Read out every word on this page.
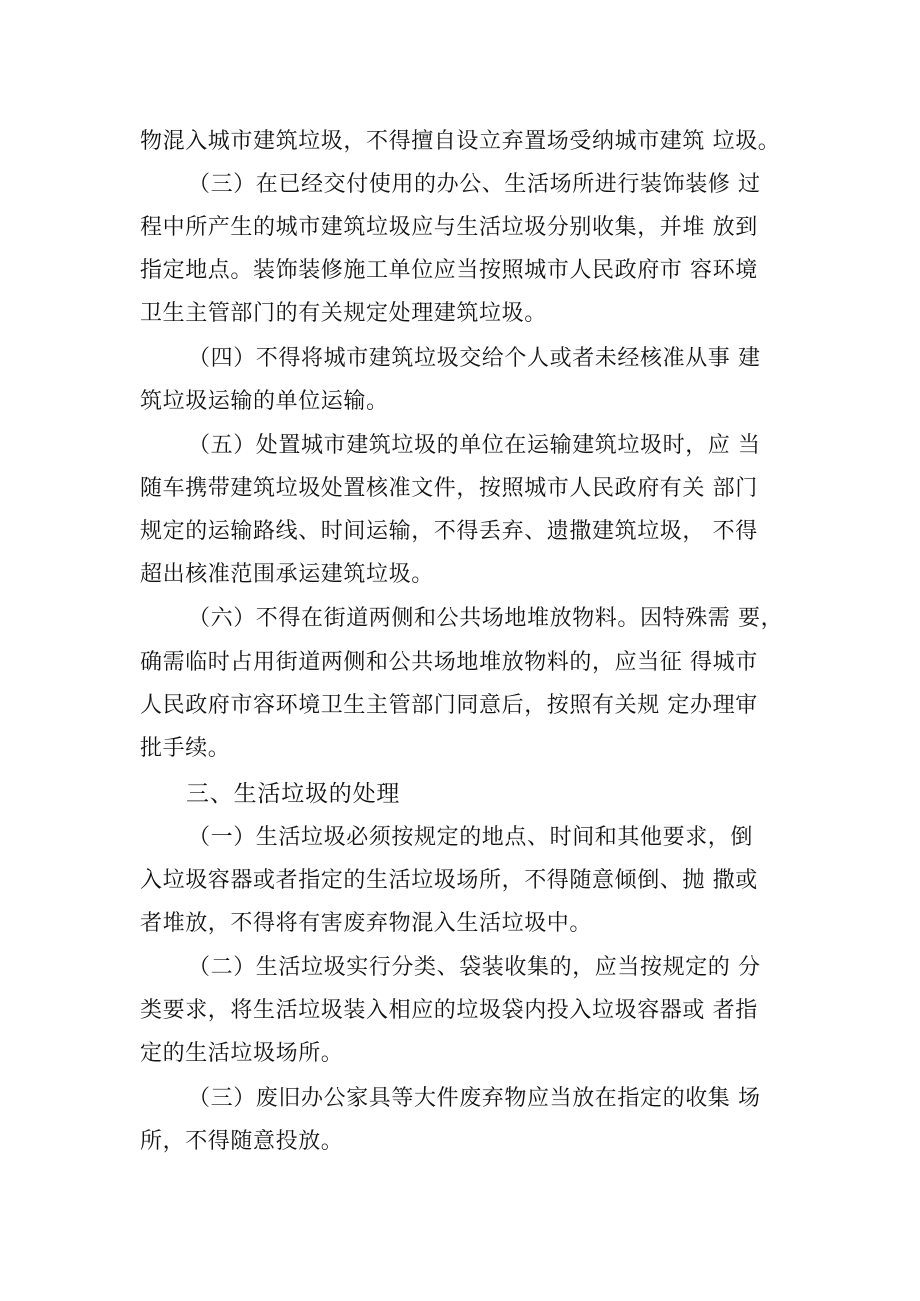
物混入城市建筑垃圾，不得擅自设立弃置场受纳城市建筑 垃圾。
（三）在已经交付使用的办公、生活场所进行装饰装修 过
程中所产生的城市建筑垃圾应与生活垃圾分别收集，并堆 放到
指定地点。装饰装修施工单位应当按照城市人民政府市 容环境
卫生主管部门的有关规定处理建筑垃圾。
（四）不得将城市建筑垃圾交给个人或者未经核准从事 建
筑垃圾运输的单位运输。
（五）处置城市建筑垃圾的单位在运输建筑垃圾时，应 当
随车携带建筑垃圾处置核准文件，按照城市人民政府有关 部门
规定的运输路线、时间运输，不得丢弃、遗撒建筑垃圾， 不得
超出核准范围承运建筑垃圾。
（六）不得在街道两侧和公共场地堆放物料。因特殊需 要，
确需临时占用街道两侧和公共场地堆放物料的，应当征 得城市
人民政府市容环境卫生主管部门同意后，按照有关规 定办理审
批手续。
三、生活垃圾的处理
（一）生活垃圾必须按规定的地点、时间和其他要求，倒
入垃圾容器或者指定的生活垃圾场所，不得随意倾倒、抛 撒或
者堆放，不得将有害废弃物混入生活垃圾中。
（二）生活垃圾实行分类、袋装收集的，应当按规定的 分
类要求，将生活垃圾装入相应的垃圾袋内投入垃圾容器或 者指
定的生活垃圾场所。
（三）废旧办公家具等大件废弃物应当放在指定的收集 场
所，不得随意投放。
